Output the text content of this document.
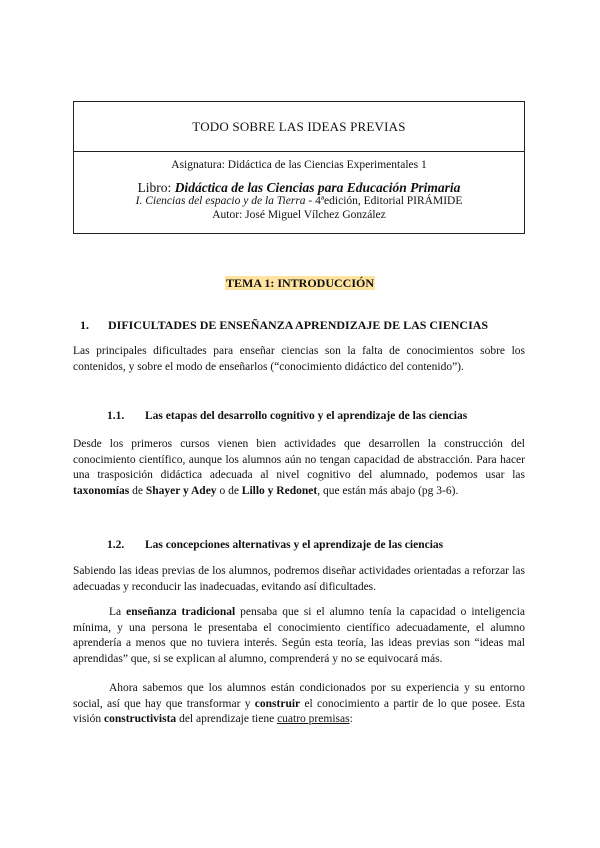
TODO SOBRE LAS IDEAS PREVIAS
Asignatura: Didáctica de las Ciencias Experimentales 1
Libro: Didáctica de las Ciencias para Educación Primaria
I. Ciencias del espacio y de la Tierra - 4ªedición, Editorial PIRÁMIDE
Autor: José Miguel Vílchez González
TEMA 1: INTRODUCCIÓN
1. DIFICULTADES DE ENSEÑANZA APRENDIZAJE DE LAS CIENCIAS

Las principales dificultades para enseñar ciencias son la falta de conocimientos sobre los contenidos, y sobre el modo de enseñarlos (“conocimiento didáctico del contenido”).

1.1. Las etapas del desarrollo cognitivo y el aprendizaje de las ciencias

Desde los primeros cursos vienen bien actividades que desarrollen la construcción del conocimiento científico, aunque los alumnos aún no tengan capacidad de abstracción. Para hacer una trasposición didáctica adecuada al nivel cognitivo del alumnado, podemos usar las taxonomías de Shayer y Adey o de Lillo y Redonet, que están más abajo (pg 3-6).

1.2. Las concepciones alternativas y el aprendizaje de las ciencias

Sabiendo las ideas previas de los alumnos, podremos diseñar actividades orientadas a reforzar las adecuadas y reconducir las inadecuadas, evitando así dificultades.

La enseñanza tradicional pensaba que si el alumno tenía la capacidad o inteligencia mínima, y una persona le presentaba el conocimiento científico adecuadamente, el alumno aprendería a menos que no tuviera interés. Según esta teoría, las ideas previas son “ideas mal aprendidas” que, si se explican al alumno, comprenderá y no se equivocará más.

Ahora sabemos que los alumnos están condicionados por su experiencia y su entorno social, así que hay que transformar y construir el conocimiento a partir de lo que posee. Esta visión constructivista del aprendizaje tiene cuatro premisas:
